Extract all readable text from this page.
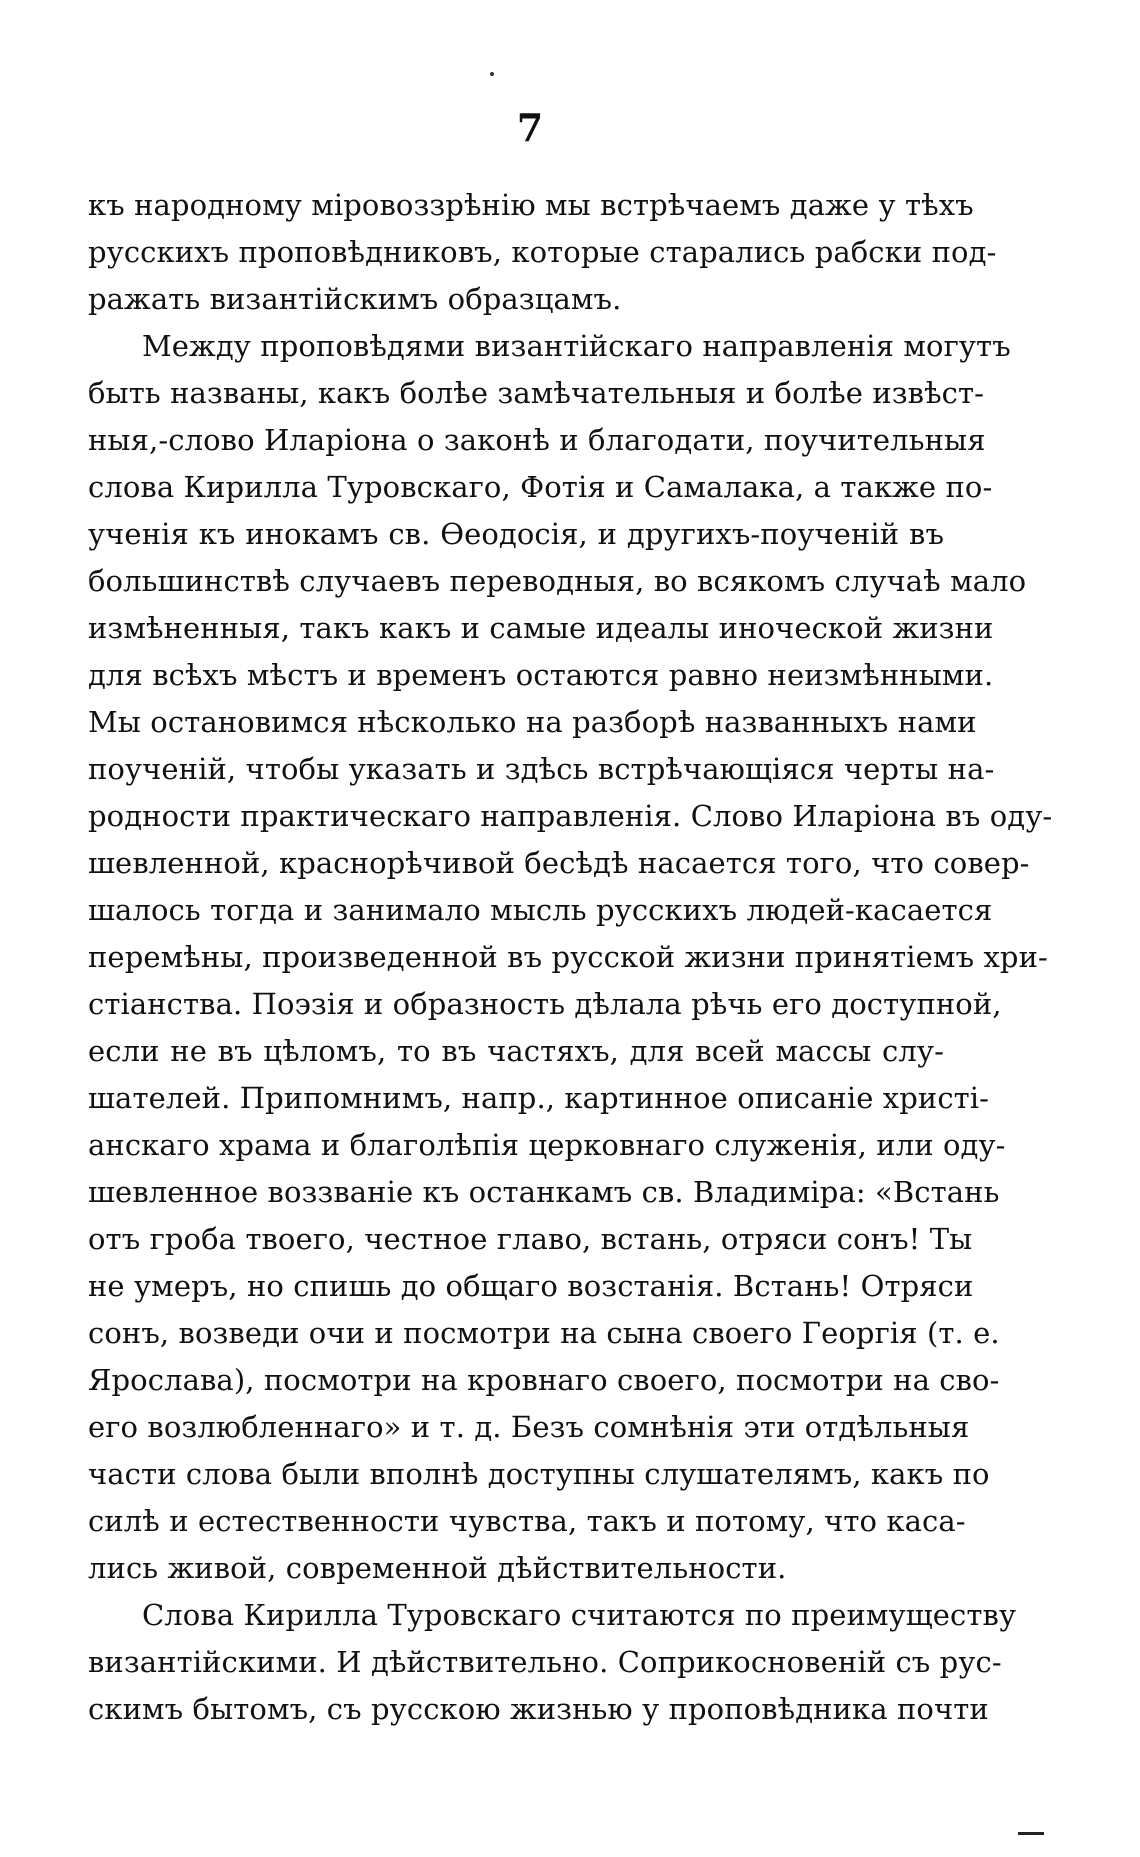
7
къ народному міровоззрѣнію мы встрѣчаемъ даже у тѣхъ
русскихъ проповѣдниковъ, которые старались рабски под-
ражать византійскимъ образцамъ.
Между проповѣдями византійскаго направленія могутъ
быть названы, какъ болѣе замѣчательныя и болѣе извѣст-
ныя,-слово Иларіона о законѣ и благодати, поучительныя
слова Кирилла Туровскаго, Фотія и Самалака, а также по-
ученія къ инокамъ св. Ѳеодосія, и другихъ-поученій въ
большинствѣ случаевъ переводныя, во всякомъ случаѣ мало
измѣненныя, такъ какъ и самые идеалы иноческой жизни
для всѣхъ мѣстъ и временъ остаются равно неизмѣнными.
Мы остановимся нѣсколько на разборѣ названныхъ нами
поученій, чтобы указать и здѣсь встрѣчающіяся черты на-
родности практическаго направленія. Слово Иларіона въ оду-
шевленной, краснорѣчивой бесѣдѣ насается того, что совер-
шалось тогда и занимало мысль русскихъ людей-касается
перемѣны, произведенной въ русской жизни принятіемъ хри-
стіанства. Поэзія и образность дѣлала рѣчь его доступной,
если не въ цѣломъ, то въ частяхъ, для всей массы слу-
шателей. Припомнимъ, напр., картинное описаніе христі-
анскаго храма и благолѣпія церковнаго служенія, или оду-
шевленное воззваніе къ останкамъ св. Владиміра: «Встань
отъ гроба твоего, честное главо, встань, отряси сонъ! Ты
не умеръ, но спишь до общаго возстанія. Встань! Отряси
сонъ, возведи очи и посмотри на сына своего Георгія (т. е.
Ярослава), посмотри на кровнаго своего, посмотри на сво-
его возлюбленнаго» и т. д. Безъ сомнѣнія эти отдѣльныя
части слова были вполнѣ доступны слушателямъ, какъ по
силѣ и естественности чувства, такъ и потому, что каса-
лись живой, современной дѣйствительности.
Слова Кирилла Туровскаго считаются по преимуществу
византійскими. И дѣйствительно. Соприкосновеній съ рус-
скимъ бытомъ, съ русскою жизнью у проповѣдника почти
